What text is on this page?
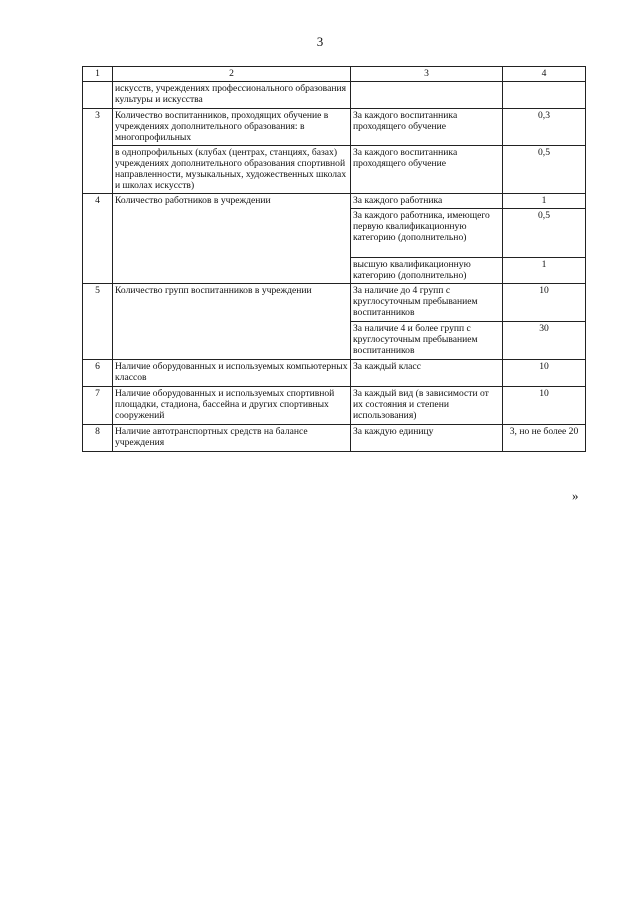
3
1	2	3	4
	искусств, учреждениях профессионального образования культуры и искусства		
3	Количество воспитанников, проходящих обучение в учреждениях дополнительного образования: в многопрофильных	За каждого воспитанника проходящего обучение	0,3
	в однопрофильных (клубах (центрах, станциях, базах) учреждениях дополнительного образования спортивной направленности, музыкальных, художественных школах и школах искусств)	За каждого воспитанника проходящего обучение	0,5
4	Количество работников в учреждении	За каждого работника	1
		За каждого работника, имеющего первую квалификационную категорию (дополнительно)	0,5
		высшую квалификационную категорию (дополнительно)	1
5	Количество групп воспитанников в учреждении	За наличие до 4 групп с круглосуточным пребыванием воспитанников	10
		За наличие 4 и более групп с круглосуточным пребыванием воспитанников	30
6	Наличие оборудованных и используемых компьютерных классов	За каждый класс	10
7	Наличие оборудованных и используемых спортивной площадки, стадиона, бассейна и других спортивных сооружений	За каждый вид (в зависимости от их состояния и степени использования)	10
8	Наличие автотранспортных средств на балансе учреждения	За каждую единицу	3, но не более 20
»
